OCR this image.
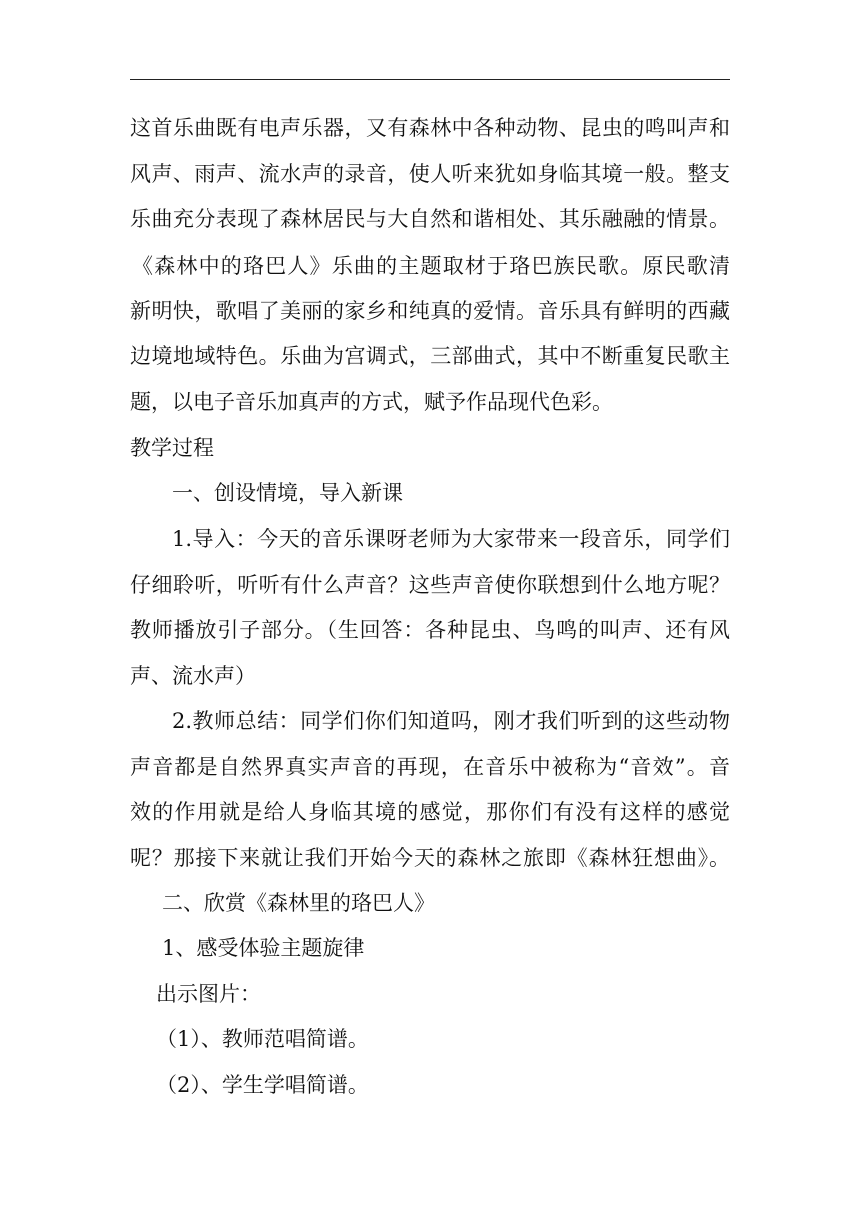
这首乐曲既有电声乐器，又有森林中各种动物、昆虫的鸣叫声和
风声、雨声、流水声的录音，使人听来犹如身临其境一般。整支
乐曲充分表现了森林居民与大自然和谐相处、其乐融融的情景。
《森林中的珞巴人》乐曲的主题取材于珞巴族民歌。原民歌清
新明快，歌唱了美丽的家乡和纯真的爱情。音乐具有鲜明的西藏
边境地域特色。乐曲为宫调式，三部曲式，其中不断重复民歌主
题，以电子音乐加真声的方式，赋予作品现代色彩。
教学过程
一、创设情境，导入新课
1.导入：今天的音乐课呀老师为大家带来一段音乐，同学们
仔细聆听，听听有什么声音？这些声音使你联想到什么地方呢？
教师播放引子部分。（生回答：各种昆虫、鸟鸣的叫声、还有风
声、流水声）
2.教师总结：同学们你们知道吗，刚才我们听到的这些动物
声音都是自然界真实声音的再现，在音乐中被称为“音效”。音
效的作用就是给人身临其境的感觉，那你们有没有这样的感觉
呢？那接下来就让我们开始今天的森林之旅即《森林狂想曲》。
二、欣赏《森林里的珞巴人》
1、感受体验主题旋律
出示图片：
（1）、教师范唱简谱。
（2）、学生学唱简谱。
